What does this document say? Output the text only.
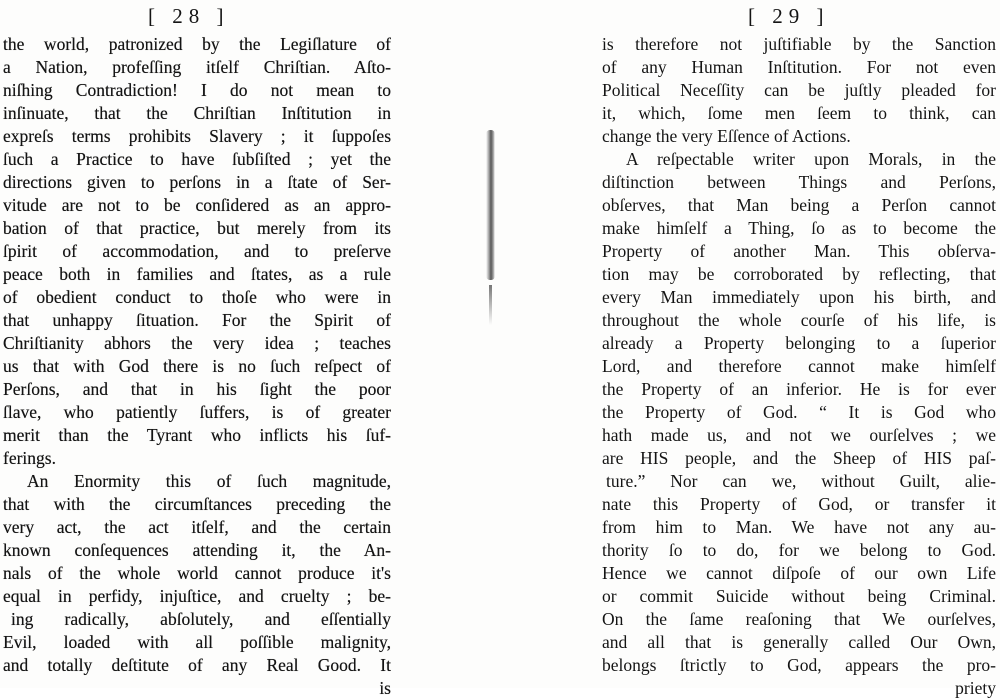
[ 28 ]
the world, patronized by the Legiſlature of
a Nation, profeſſing itſelf Chriſtian. Aſto-
niſhing Contradiction! I do not mean to
inſinuate, that the Chriſtian Inſtitution in
expreſs terms prohibits Slavery ; it ſuppoſes
ſuch a Practice to have ſubſiſted ; yet the
directions given to perſons in a ſtate of Ser-
vitude are not to be conſidered as an appro-
bation of that practice, but merely from its
ſpirit of accommodation, and to preſerve
peace both in families and ſtates, as a rule
of obedient conduct to thoſe who were in
that unhappy ſituation. For the Spirit of
Chriſtianity abhors the very idea ; teaches
us that with God there is no ſuch reſpect of
Perſons, and that in his ſight the poor
ſlave, who patiently ſuffers, is of greater
merit than the Tyrant who inflicts his ſuf-
ferings.
An Enormity this of ſuch magnitude,
that with the circumſtances preceding the
very act, the act itſelf, and the certain
known conſequences attending it, the An-
nals of the whole world cannot produce it's
equal in perfidy, injuſtice, and cruelty ; be-
ing radically, abſolutely, and eſſentially
Evil, loaded with all poſſible malignity,
and totally deſtitute of any Real Good. It
is
[ 29 ]
is therefore not juſtifiable by the Sanction
of any Human Inſtitution. For not even
Political Neceſſity can be juſtly pleaded for
it, which, ſome men ſeem to think, can
change the very Eſſence of Actions.
A reſpectable writer upon Morals, in the
diſtinction between Things and Perſons,
obſerves, that Man being a Perſon cannot
make himſelf a Thing, ſo as to become the
Property of another Man. This obſerva-
tion may be corroborated by reflecting, that
every Man immediately upon his birth, and
throughout the whole courſe of his life, is
already a Property belonging to a ſuperior
Lord, and therefore cannot make himſelf
the Property of an inferior. He is for ever
the Property of God. “ It is God who
hath made us, and not we ourſelves ; we
are HIS people, and the Sheep of HIS paſ-
ture.” Nor can we, without Guilt, alie-
nate this Property of God, or transfer it
from him to Man. We have not any au-
thority ſo to do, for we belong to God.
Hence we cannot diſpoſe of our own Life
or commit Suicide without being Criminal.
On the ſame reaſoning that We ourſelves,
and all that is generally called Our Own,
belongs ſtrictly to God, appears the pro-
priety
